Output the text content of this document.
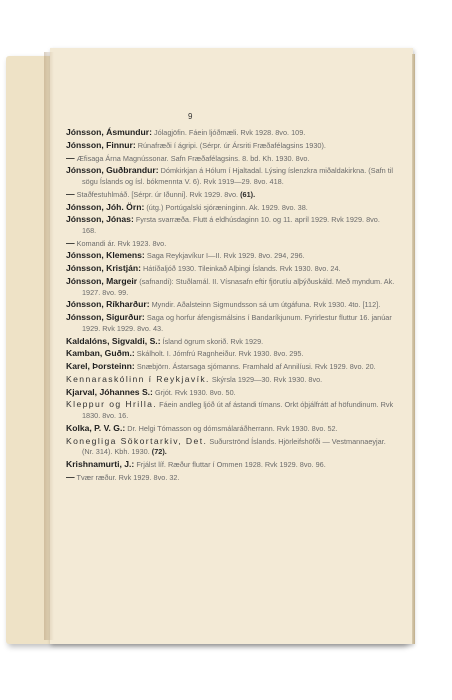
9

Jónsson, Ásmundur: Jólagjöfin. Fáein ljóðmæli. Rvk 1928. 8vo. 109.

Jónsson, Finnur: Rúnafræði í ágripi. (Sérpr. úr Ársriti Fræðafélagsins 1930).

— Æfisaga Árna Magnússonar. Safn Fræðafélagsins. 8. bd. Kh. 1930. 8vo.

Jónsson, Guðbrandur: Dómkirkjan á Hólum í Hjaltadal. Lýsing íslenzkra miðaldakirkna. (Safn til sögu Íslands og ísl. bókmennta V. 6). Rvk 1919—29. 8vo. 418.

— Staðfestuhlmáð. [Sérpr. úr Iðunni]. Rvk 1929. 8vo. (61).

Jónsson, Jóh. Örn: (útg.) Portúgalski sjóræninginn. Ak. 1929. 8vo. 38.

Jónsson, Jónas: Fyrsta svarræða. Flutt á eldhúsdaginn 10. og 11. apríl 1929. Rvk 1929. 8vo. 168.

— Komandi ár. Rvk 1923. 8vo.

Jónsson, Klemens: Saga Reykjavíkur I—II. Rvk 1929. 8vo. 294, 296.

Jónsson, Kristján: Hátíðaljóð 1930. Tileinkað Alþingi Íslands. Rvk 1930. 8vo. 24.

Jónsson, Margeir (safnandi): Stuðlamál. II. Vísnasafn eftir fjörutíu alþýðuskáld. Með myndum. Ak. 1927. 8vo. 99.

Jónsson, Ríkharður: Myndir. Aðalsteinn Sigmundsson sá um útgáfuna. Rvk 1930. 4to. [112].

Jónsson, Sigurður: Saga og horfur áfengismálsins í Bandaríkjunum. Fyrirlestur fluttur 16. janúar 1929. Rvk 1929. 8vo. 43.

Kaldalóns, Sigvaldi, S.: Ísland ögrum skorið. Rvk 1929.

Kamban, Guðm.: Skálholt. I. Jómfrú Ragnheiður. Rvk 1930. 8vo. 295.

Karel, Þorsteinn: Snæbjörn. Ástarsaga sjómanns. Framhald af Annilíusi. Rvk 1929. 8vo. 20.

Kennaraskólinn í Reykjavík. Skýrsla 1929—30. Rvk 1930. 8vo.

Kjarval, Jóhannes S.: Grjót. Rvk 1930. 8vo. 50.

Kleppur og Hrilla. Fáein andleg ljóð út af ástandi tímans. Orkt óþjálfrátt af höfundinum. Rvk 1830. 8vo. 16.

Kolka, P. V. G.: Dr. Helgi Tómasson og dómsmálaráðherrann. Rvk 1930. 8vo. 52.

Konegliga Sökortarkiv, Det. Suðurströnd Íslands. Hjörleifshöfði — Vestmannaeyjar. (Nr. 314). Kbh. 1930. (72).

Krishnamurti, J.: Frjálst líf. Ræður fluttar í Ommen 1928. Rvk 1929. 8vo. 96.

— Tvær ræður. Rvk 1929. 8vo. 32.
